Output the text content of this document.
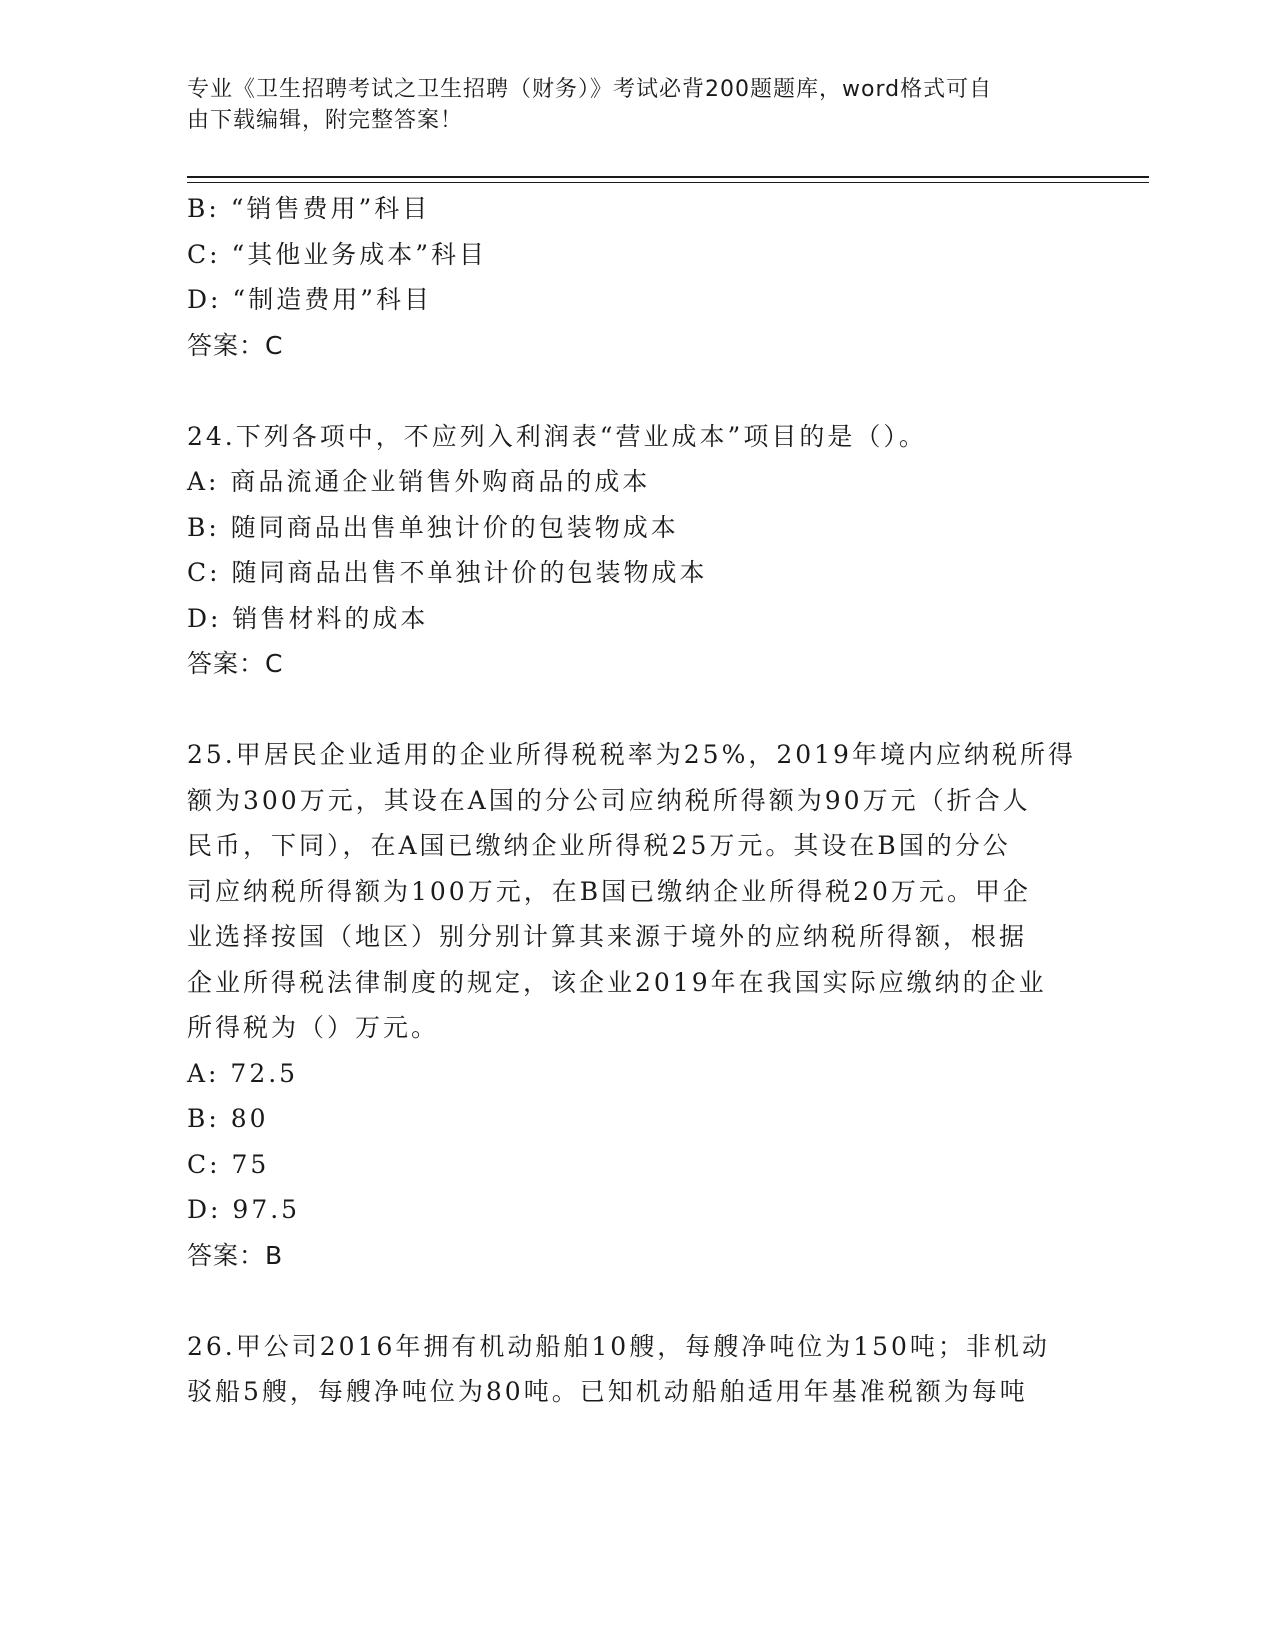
专业《卫生招聘考试之卫生招聘（财务）》考试必背200题题库，word格式可自
由下载编辑，附完整答案！

B: “销售费用”科目

C: “其他业务成本”科目

D: “制造费用”科目

答案：C

24.下列各项中，不应列入利润表“营业成本”项目的是（）。

A: 商品流通企业销售外购商品的成本

B: 随同商品出售单独计价的包装物成本

C: 随同商品出售不单独计价的包装物成本

D: 销售材料的成本

答案：C

25.甲居民企业适用的企业所得税税率为25%，2019年境内应纳税所得

额为300万元，其设在A国的分公司应纳税所得额为90万元（折合人

民币，下同），在A国已缴纳企业所得税25万元。其设在B国的分公

司应纳税所得额为100万元，在B国已缴纳企业所得税20万元。甲企

业选择按国（地区）别分别计算其来源于境外的应纳税所得额，根据

企业所得税法律制度的规定，该企业2019年在我国实际应缴纳的企业

所得税为（）万元。

A: 72.5

B: 80

C: 75

D: 97.5

答案：B

26.甲公司2016年拥有机动船舶10艘，每艘净吨位为150吨；非机动

驳船5艘，每艘净吨位为80吨。已知机动船舶适用年基准税额为每吨
